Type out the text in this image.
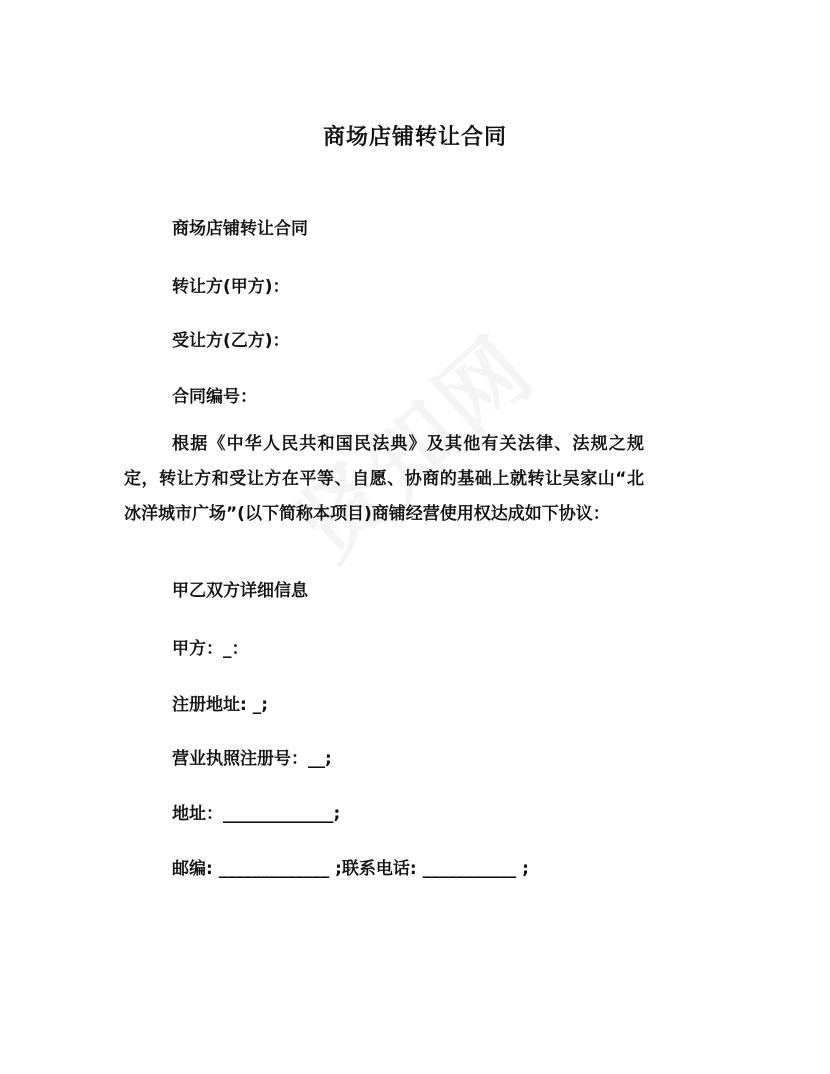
商场店铺转让合同
商场店铺转让合同
转让方(甲方)：
受让方(乙方)：
合同编号：
根据《中华人民共和国民法典》及其他有关法律、法规之规定，转让方和受让方在平等、自愿、协商的基础上就转让吴家山“北冰洋城市广场”(以下简称本项目)商铺经营使用权达成如下协议：
甲乙双方详细信息
甲方：_：
注册地址: _;
营业执照注册号：__;
地址：_____________;
邮编: _____________ ;联系电话: ___________ ;
